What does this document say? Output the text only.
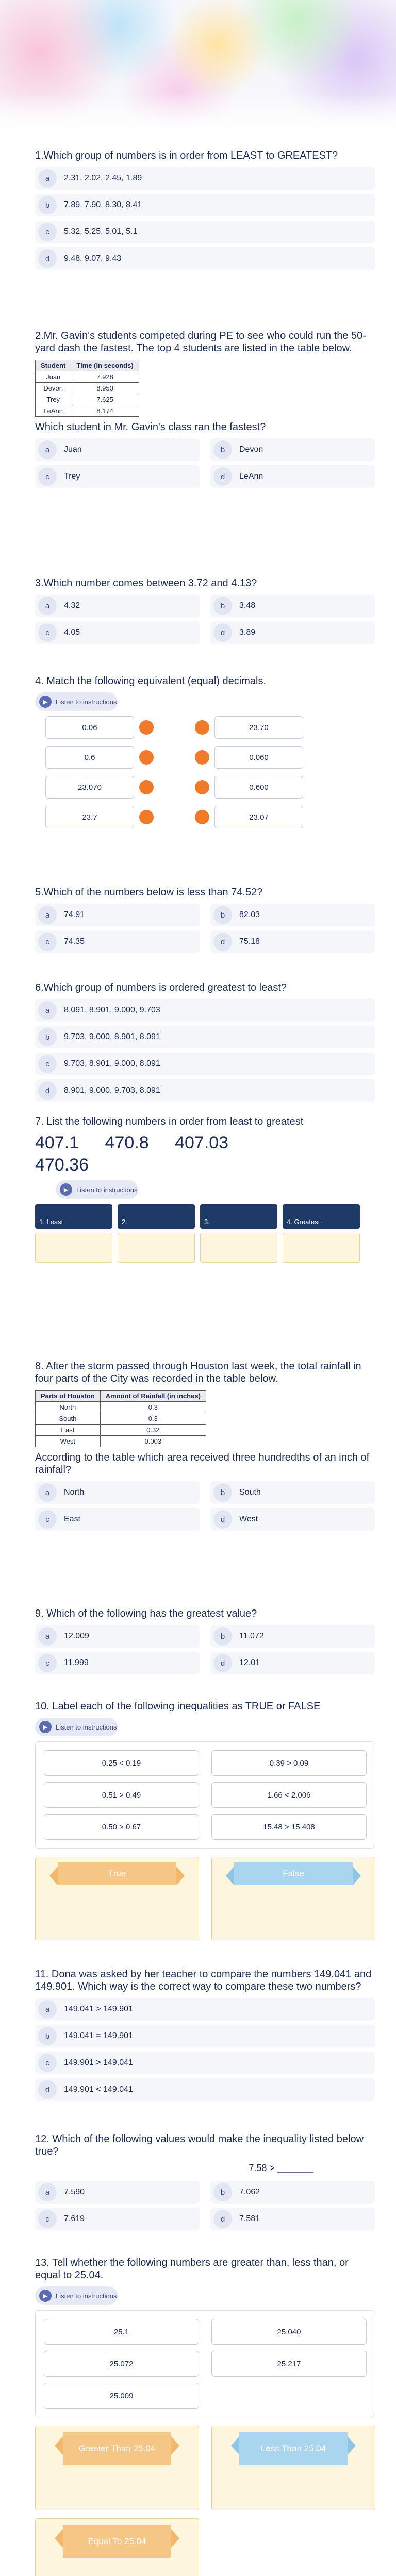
1.Which group of numbers is in order from LEAST to GREATEST?
a	2.31, 2.02, 2.45, 1.89
b	7.89, 7.90, 8.30, 8.41
c	5.32, 5.25, 5.01, 5.1
d	9.48, 9.07, 9.43
2.Mr. Gavin's students competed during PE to see who could run the 50-yard dash the fastest. The top 4 students are listed in the table below.
Student	Time (in seconds)
Juan	7.928
Devon	8.950
Trey	7.625
LeAnn	8.174
Which student in Mr. Gavin's class ran the fastest?
a	Juan	b	Devon
c	Trey	d	LeAnn
3.Which number comes between 3.72 and 4.13?
a	4.32	b	3.48
c	4.05	d	3.89
4. Match the following equivalent (equal) decimals.
▶	Listen to instructions
0.06	23.70
0.6	0.060
23.070	0.600
23.7	23.07
5.Which of the numbers below is less than 74.52?
a	74.91	b	82.03
c	74.35	d	75.18
6.Which group of numbers is ordered greatest to least?
a	8.091, 8.901, 9.000, 9.703
b	9.703, 9.000, 8.901, 8.091
c	9.703, 8.901, 9.000, 8.091
d	8.901, 9.000, 9.703, 8.091
7. List the following numbers in order from least to greatest
407.1 470.8 407.03
470.36
▶	Listen to instructions
1. Least	2.	3.	4. Greatest
8. After the storm passed through Houston last week, the total rainfall in four parts of the City was recorded in the table below.
Parts of Houston	Amount of Rainfall (in inches)
North	0.3
South	0.3
East	0.32
West	0.003
According to the table which area received three hundredths of an inch of rainfall?
a	North	b	South
c	East	d	West
9. Which of the following has the greatest value?
a	12.009	b	11.072
c	11.999	d	12.01
10. Label each of the following inequalities as TRUE or FALSE
▶	Listen to instructions
0.25 < 0.19	0.39 > 0.09
0.51 > 0.49	1.66 < 2.006
0.50 > 0.67	15.48 > 15.408
True	False
11. Dona was asked by her teacher to compare the numbers 149.041 and 149.901. Which way is the correct way to compare these two numbers?
a	149.041 > 149.901
b	149.041 = 149.901
c	149.901 > 149.041
d	149.901 < 149.041
12. Which of the following values would make the inequality listed below true?
7.58 > _______
a	7.590	b	7.062
c	7.619	d	7.581
13. Tell whether the following numbers are greater than, less than, or equal to 25.04.
▶	Listen to instructions
25.1	25.040
25.072	25.217
25.009
Greater Than 25.04	Less Than 25.04
Equal To 25.04
